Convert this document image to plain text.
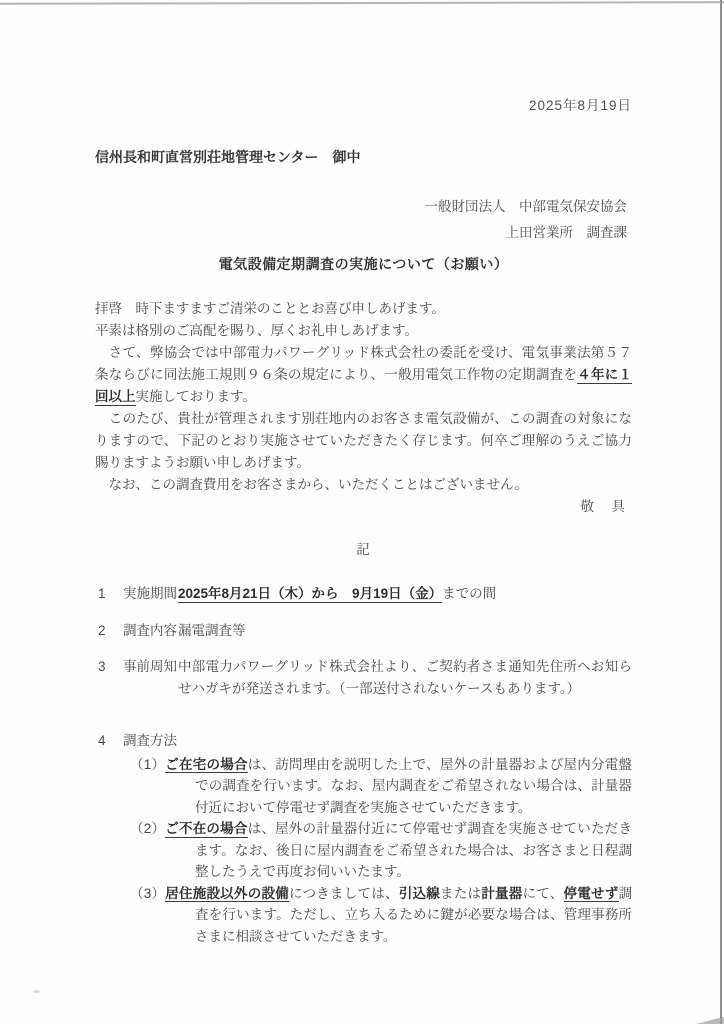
2025年8月19日
信州長和町直営別荘地管理センター　御中
一般財団法人　中部電気保安協会
上田営業所　調査課
電気設備定期調査の実施について（お願い）

拝啓　時下ますますご清栄のこととお喜び申しあげます。

平素は格別のご高配を賜り、厚くお礼申しあげます。

　さて、弊協会では中部電力パワーグリッド株式会社の委託を受け、電気事業法第５７条ならびに同法施工規則９６条の規定により、一般用電気工作物の定期調査を４年に１回以上実施しております。

　このたび、貴社が管理されます別荘地内のお客さま電気設備が、この調査の対象になりますので、下記のとおり実施させていただきたく存じます。何卒ご理解のうえご協力賜りますようお願い申しあげます。

　なお、この調査費用をお客さまから、いただくことはございません。

敬　具
記
1	実施期間 2025年8月21日（木）から　9月19日（金）までの間
2	調査内容 漏電調査等
3	事前周知 中部電力パワーグリッド株式会社より、ご契約者さま通知先住所へお知らせハガキが発送されます。（一部送付されないケースもあります。）
4	調査方法
（1）ご在宅の場合は、訪問理由を説明した上で、屋外の計量器および屋内分電盤での調査を行います。なお、屋内調査をご希望されない場合は、計量器付近において停電せず調査を実施させていただきます。
（2）ご不在の場合は、屋外の計量器付近にて停電せず調査を実施させていただきます。なお、後日に屋内調査をご希望された場合は、お客さまと日程調整したうえで再度お伺いいたます。
（3）居住施設以外の設備につきましては、引込線または計量器にて、停電せず調査を行います。ただし、立ち入るために鍵が必要な場合は、管理事務所さまに相談させていただきます。
